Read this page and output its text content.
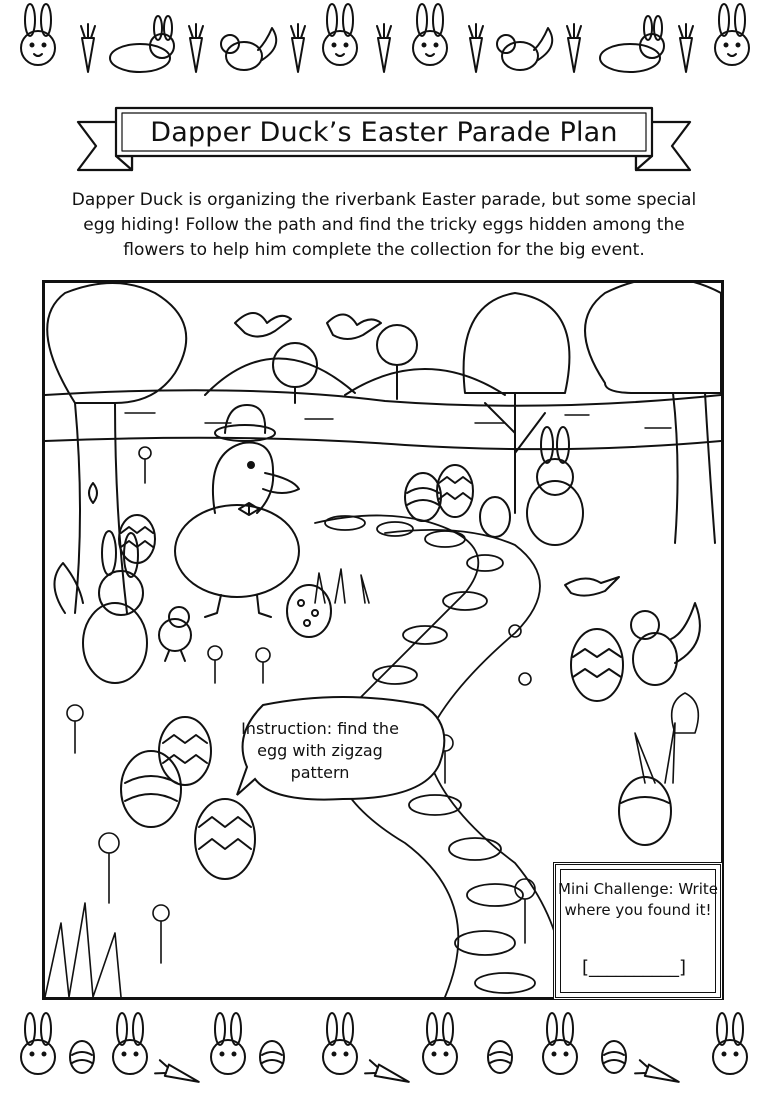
Dapper Duck’s Easter Parade Plan
Dapper Duck is organizing the riverbank Easter parade, but some special egg hiding! Follow the path and find the tricky eggs hidden among the flowers to help him complete the collection for the big event.
Instruction: find the egg with zigzag pattern
Mini Challenge: Write where you found it!
[__________]
